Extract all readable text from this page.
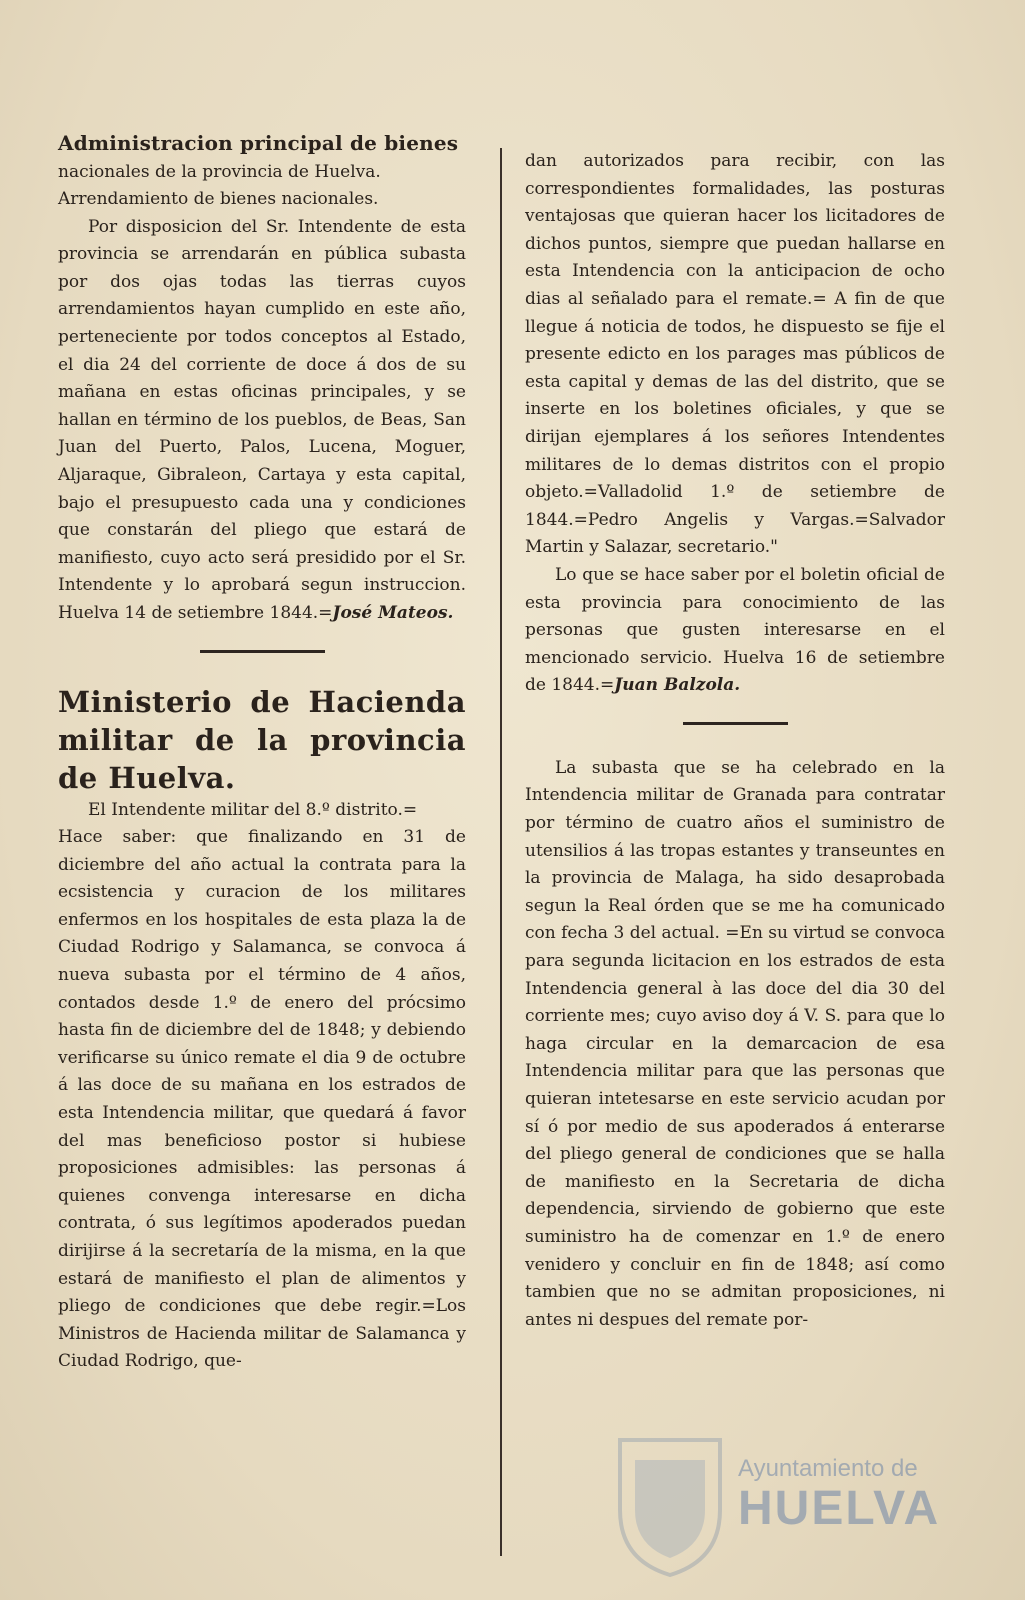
Administracion principal de bienes

nacionales de la provincia de Huelva.

Arrendamiento de bienes nacionales.

Por disposicion del Sr. Intendente de esta provincia se arrendarán en pública subasta por dos ojas todas las tierras cuyos arrendamientos hayan cumplido en este año, perteneciente por todos conceptos al Estado, el dia 24 del corriente de doce á dos de su mañana en estas oficinas principales, y se hallan en término de los pueblos, de Beas, San Juan del Puerto, Palos, Lucena, Moguer, Aljaraque, Gibraleon, Cartaya y esta capital, bajo el presupuesto cada una y condiciones que constarán del pliego que estará de manifiesto, cuyo acto será presidido por el Sr. Intendente y lo aprobará segun instruccion. Huelva 14 de setiembre 1844.=José Mateos.

Ministerio de Hacienda militar de la provincia de Huelva.

El Intendente militar del 8.º distrito.=

Hace saber: que finalizando en 31 de diciembre del año actual la contrata para la ecsistencia y curacion de los militares enfermos en los hospitales de esta plaza la de Ciudad Rodrigo y Salamanca, se convoca á nueva subasta por el término de 4 años, contados desde 1.º de enero del prócsimo hasta fin de diciembre del de 1848; y debiendo verificarse su único remate el dia 9 de octubre á las doce de su mañana en los estrados de esta Intendencia militar, que quedará á favor del mas beneficioso postor si hubiese proposiciones admisibles: las personas á quienes convenga interesarse en dicha contrata, ó sus legítimos apoderados puedan dirijirse á la secretaría de la misma, en la que estará de manifiesto el plan de alimentos y pliego de condiciones que debe regir.=Los Ministros de Hacienda militar de Salamanca y Ciudad Rodrigo, que-

dan autorizados para recibir, con las correspondientes formalidades, las posturas ventajosas que quieran hacer los licitadores de dichos puntos, siempre que puedan hallarse en esta Intendencia con la anticipacion de ocho dias al señalado para el remate.= A fin de que llegue á noticia de todos, he dispuesto se fije el presente edicto en los parages mas públicos de esta capital y demas de las del distrito, que se inserte en los boletines oficiales, y que se dirijan ejemplares á los señores Intendentes militares de lo demas distritos con el propio objeto.=Valladolid 1.º de setiembre de 1844.=Pedro Angelis y Vargas.=Salvador Martin y Salazar, secretario."

Lo que se hace saber por el boletin oficial de esta provincia para conocimiento de las personas que gusten interesarse en el mencionado servicio. Huelva 16 de setiembre de 1844.=Juan Balzola.

La subasta que se ha celebrado en la Intendencia militar de Granada para contratar por término de cuatro años el suministro de utensilios á las tropas estantes y transeuntes en la provincia de Malaga, ha sido desaprobada segun la Real órden que se me ha comunicado con fecha 3 del actual. =En su virtud se convoca para segunda licitacion en los estrados de esta Intendencia general à las doce del dia 30 del corriente mes; cuyo aviso doy á V. S. para que lo haga circular en la demarcacion de esa Intendencia militar para que las personas que quieran intetesarse en este servicio acudan por sí ó por medio de sus apoderados á enterarse del pliego general de condiciones que se halla de manifiesto en la Secretaria de dicha dependencia, sirviendo de gobierno que este suministro ha de comenzar en 1.º de enero venidero y concluir en fin de 1848; así como tambien que no se admitan proposiciones, ni antes ni despues del remate por-

Ayuntamiento de
HUELVA
